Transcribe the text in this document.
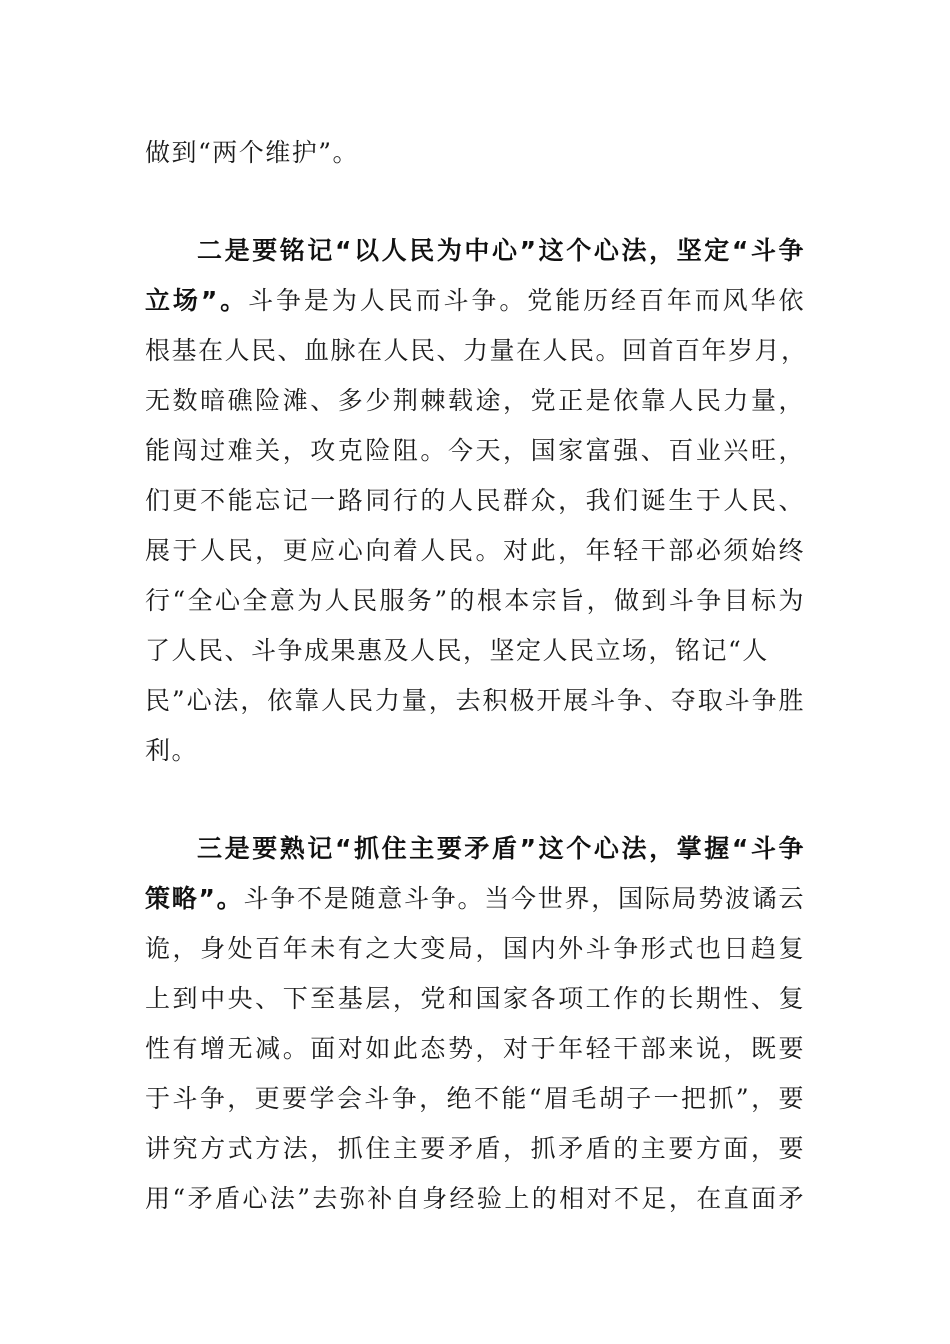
做到“两个维护”。
二是要铭记“以人民为中心”这个心法，坚定“斗争
立场”。斗争是为人民而斗争。党能历经百年而风华依
根基在人民、血脉在人民、力量在人民。回首百年岁月，
无数暗礁险滩、多少荆棘载途，党正是依靠人民力量，
能闯过难关，攻克险阻。今天，国家富强、百业兴旺，
们更不能忘记一路同行的人民群众，我们诞生于人民、
展于人民，更应心向着人民。对此，年轻干部必须始终
行“全心全意为人民服务”的根本宗旨，做到斗争目标为
了人民、斗争成果惠及人民，坚定人民立场，铭记“人
民”心法，依靠人民力量，去积极开展斗争、夺取斗争胜
利。
三是要熟记“抓住主要矛盾”这个心法，掌握“斗争
策略”。斗争不是随意斗争。当今世界，国际局势波谲云
诡，身处百年未有之大变局，国内外斗争形式也日趋复
上到中央、下至基层，党和国家各项工作的长期性、复
性有增无减。面对如此态势，对于年轻干部来说，既要
于斗争，更要学会斗争，绝不能“眉毛胡子一把抓”，要
讲究方式方法，抓住主要矛盾，抓矛盾的主要方面，要
用“矛盾心法”去弥补自身经验上的相对不足，在直面矛
